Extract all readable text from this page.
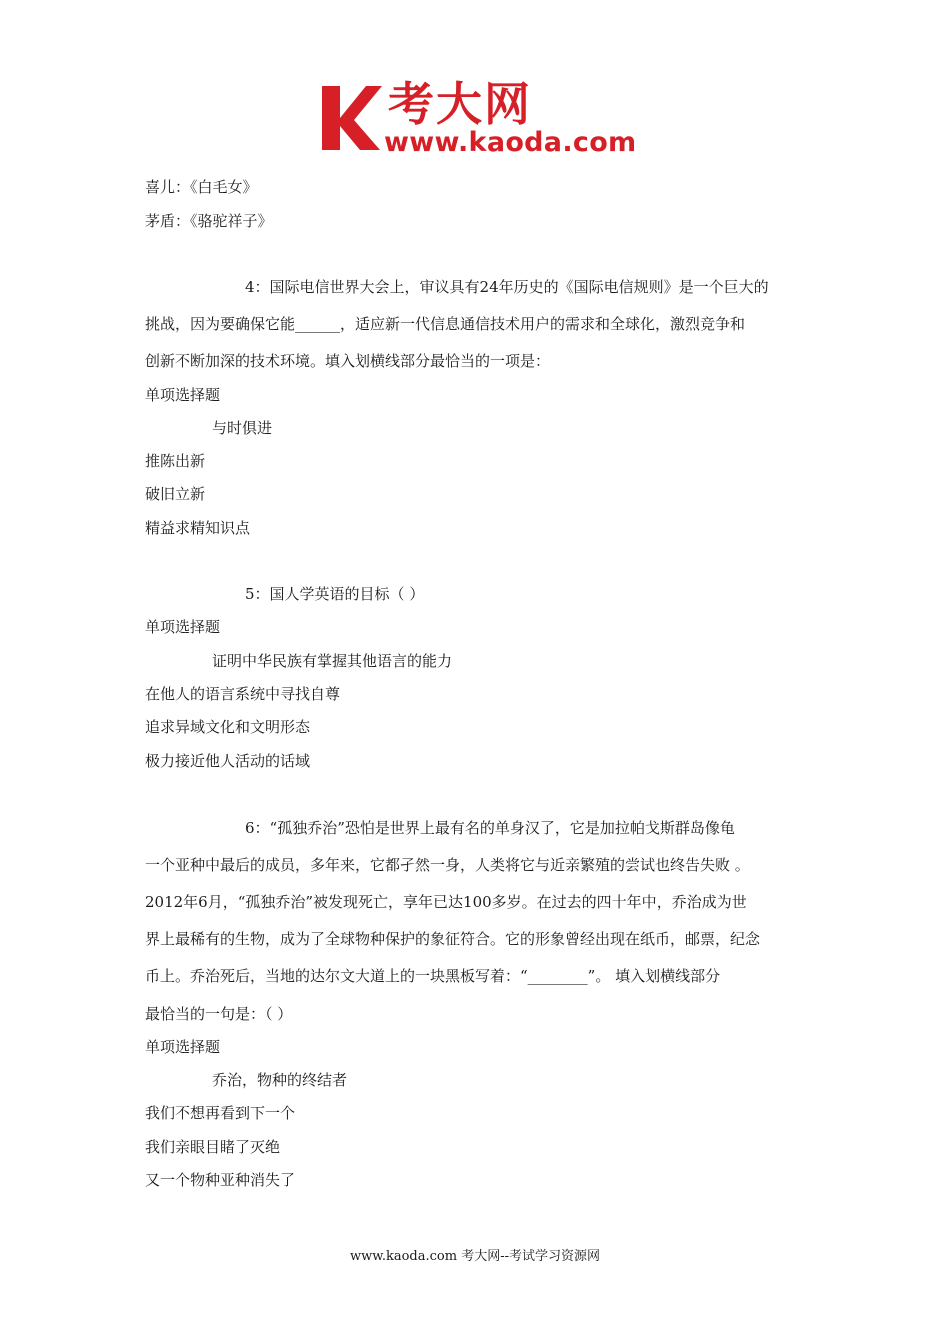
考大网
www.kaoda.com
喜儿：《白毛女》
茅盾：《骆驼祥子》
4：国际电信世界大会上，审议具有24年历史的《国际电信规则》是一个巨大的
挑战，因为要确保它能______，适应新一代信息通信技术用户的需求和全球化，激烈竞争和
创新不断加深的技术环境。填入划横线部分最恰当的一项是：
单项选择题
与时俱进
推陈出新
破旧立新
精益求精知识点
5：国人学英语的目标（ ）
单项选择题
证明中华民族有掌握其他语言的能力
在他人的语言系统中寻找自尊
追求异域文化和文明形态
极力接近他人活动的话域
6：“孤独乔治”恐怕是世界上最有名的单身汉了，它是加拉帕戈斯群岛像龟
一个亚种中最后的成员，多年来，它都孑然一身，人类将它与近亲繁殖的尝试也终告失败 。
2012年6月，“孤独乔治”被发现死亡，享年已达100多岁。在过去的四十年中，乔治成为世
界上最稀有的生物，成为了全球物种保护的象征符合。它的形象曾经出现在纸币，邮票，纪念
币上。乔治死后，当地的达尔文大道上的一块黑板写着：“________”。 填入划横线部分
最恰当的一句是：（ ）
单项选择题
乔治，物种的终结者
我们不想再看到下一个
我们亲眼目睹了灭绝
又一个物种亚种消失了
www.kaoda.com 考大网--考试学习资源网
